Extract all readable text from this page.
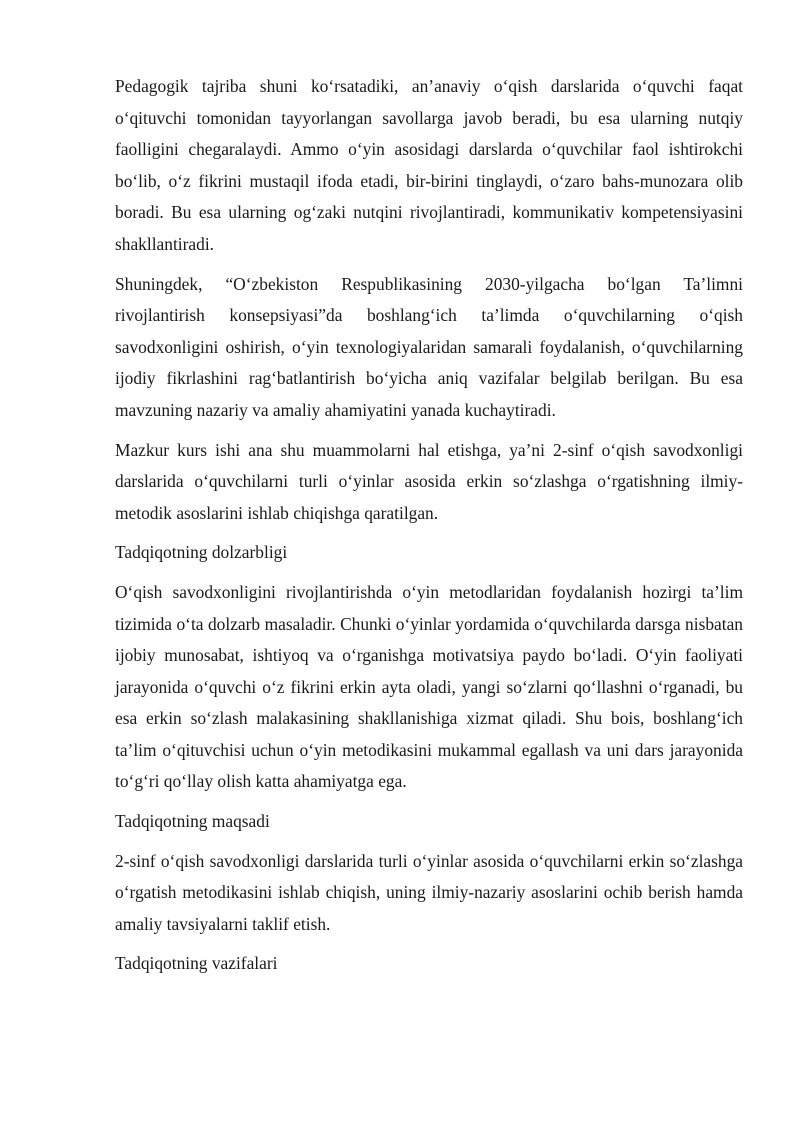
Pedagogik tajriba shuni koʻrsatadiki, an’anaviy oʻqish darslarida oʻquvchi faqat oʻqituvchi tomonidan tayyorlangan savollarga javob beradi, bu esa ularning nutqiy faolligini chegaralaydi. Ammo oʻyin asosidagi darslarda oʻquvchilar faol ishtirokchi boʻlib, oʻz fikrini mustaqil ifoda etadi, bir-birini tinglaydi, oʻzaro bahs-munozara olib boradi. Bu esa ularning ogʻzaki nutqini rivojlantiradi, kommunikativ kompetensiyasini shakllantiradi.

Shuningdek, “Oʻzbekiston Respublikasining 2030-yilgacha boʻlgan Ta’limni rivojlantirish konsepsiyasi”da boshlangʻich ta’limda oʻquvchilarning oʻqish savodxonligini oshirish, oʻyin texnologiyalaridan samarali foydalanish, oʻquvchilarning ijodiy fikrlashini ragʻbatlantirish boʻyicha aniq vazifalar belgilab berilgan. Bu esa mavzuning nazariy va amaliy ahamiyatini yanada kuchaytiradi.

Mazkur kurs ishi ana shu muammolarni hal etishga, ya’ni 2-sinf oʻqish savodxonligi darslarida oʻquvchilarni turli oʻyinlar asosida erkin soʻzlashga oʻrgatishning ilmiy-metodik asoslarini ishlab chiqishga qaratilgan.

Tadqiqotning dolzarbligi

Oʻqish savodxonligini rivojlantirishda oʻyin metodlaridan foydalanish hozirgi ta’lim tizimida oʻta dolzarb masaladir. Chunki oʻyinlar yordamida oʻquvchilarda darsga nisbatan ijobiy munosabat, ishtiyoq va oʻrganishga motivatsiya paydo boʻladi. Oʻyin faoliyati jarayonida oʻquvchi oʻz fikrini erkin ayta oladi, yangi soʻzlarni qoʻllashni oʻrganadi, bu esa erkin soʻzlash malakasining shakllanishiga xizmat qiladi. Shu bois, boshlangʻich ta’lim oʻqituvchisi uchun oʻyin metodikasini mukammal egallash va uni dars jarayonida toʻgʻri qoʻllay olish katta ahamiyatga ega.

Tadqiqotning maqsadi

2-sinf oʻqish savodxonligi darslarida turli oʻyinlar asosida oʻquvchilarni erkin soʻzlashga oʻrgatish metodikasini ishlab chiqish, uning ilmiy-nazariy asoslarini ochib berish hamda amaliy tavsiyalarni taklif etish.

Tadqiqotning vazifalari
